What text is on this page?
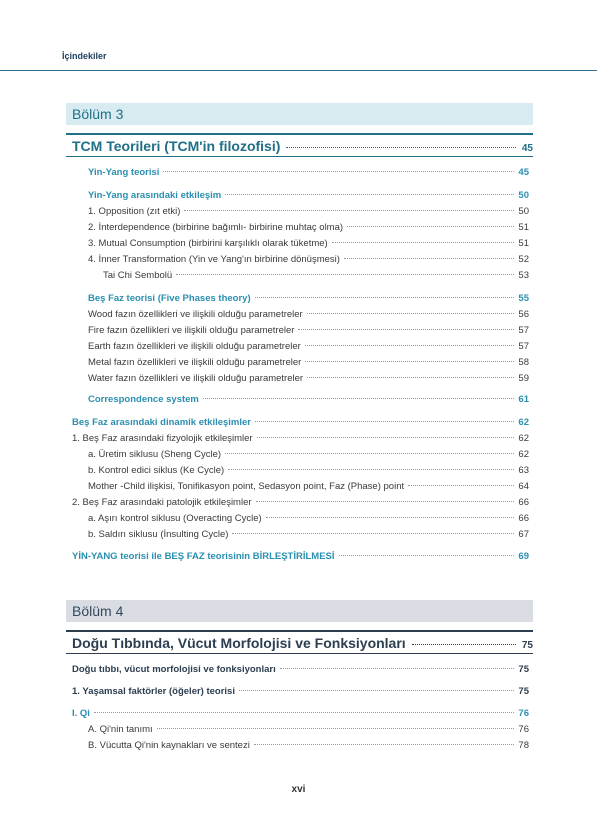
İçindekiler
Bölüm 3
TCM Teorileri (TCM'in filozofisi)	45
Yin-Yang teorisi	45
Yin-Yang arasındaki etkileşim	50
1. Opposition (zıt etki)	50
2. İnterdependence (birbirine bağımlı- birbirine muhtaç olma)	51
3. Mutual Consumption (birbirini karşılıklı olarak tüketme)	51
4. İnner Transformation (Yin ve Yang'ın birbirine dönüşmesi)	52
Tai Chi Sembolü	53
Beş Faz teorisi (Five Phases theory)	55
Wood fazın özellikleri ve ilişkili olduğu parametreler	56
Fire fazın özellikleri ve ilişkili olduğu parametreler	57
Earth fazın özellikleri ve ilişkili olduğu parametreler	57
Metal fazın özellikleri ve ilişkili olduğu parametreler	58
Water fazın özellikleri ve ilişkili olduğu parametreler	59
Correspondence system	61
Beş Faz arasındaki dinamik etkileşimler	62
1. Beş Faz arasındaki fizyolojik etkileşimler	62
a. Üretim siklusu (Sheng Cycle)	62
b. Kontrol edici siklus (Ke Cycle)	63
Mother -Child ilişkisi, Tonifikasyon point, Sedasyon point, Faz (Phase) point	64
2. Beş Faz arasındaki patolojik etkileşimler	66
a. Aşırı kontrol siklusu (Overacting Cycle)	66
b. Saldırı siklusu (İnsulting Cycle)	67
YİN-YANG teorisi ile BEŞ FAZ teorisinin BİRLEŞTİRİLMESİ	69
Bölüm 4
Doğu Tıbbında, Vücut Morfolojisi ve Fonksiyonları	75
Doğu tıbbı, vücut morfolojisi ve fonksiyonları	75
1. Yaşamsal faktörler (öğeler) teorisi	75
I. Qi	76
A. Qi'nin tanımı	76
B. Vücutta Qi'nin kaynakları ve sentezi	78
xvi
